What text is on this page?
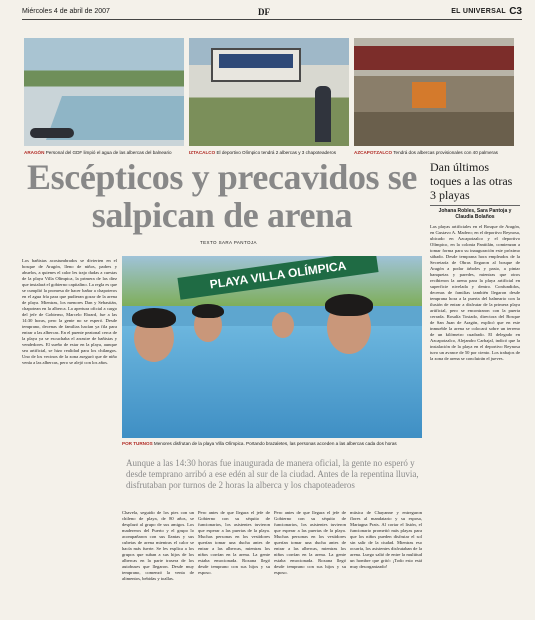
Miércoles 4 de abril de 2007	DF	EL UNIVERSAL C3
ARAGÓN Personal del GDF limpió el agua de las albercas del balneario	IZTACALCO El deportivo Olímpico tendrá 2 albercas y 3 chapoteaderos	AZCAPOTZALCO Tendrá dos albercas provisionales con 40 palmeras
Escépticos y precavidos se salpican de arena
TEXTO SARA PANTOJA
Dan últimos toques a las otras 3 playas
Johana Robles, Sara Pantoja y Claudia Bolaños
Las playas artificiales en el Bosque de Aragón, en Gustavo A. Madero; en el deportivo Reynosa, ubicado en Azcapotzalco y el deportivo Olímpico, en la colonia Pantitlán, comienzan a tomar forma para su inauguración este próximo sábado. Desde temprana hora empleados de la Secretaría de Obras llegaron al bosque de Aragón a podar árboles y pasto, a pintar banquetas y paredes, mientras que otros recibieron la arena para la playa artificial en superficie nivelada y dentro. Confundidos, decenas de familias también llegaron desde temprana hora a la puerta del balneario con la ilusión de entrar a disfrutar de la primera playa artificial, pero se encontraron con la puerta cerrada. Rosalía Tostado, directora del Bosque de San Juan de Aragón, explicó que en este inmueble la arena se colocará sobre un terreno de un kilómetro cuadrado. El delegado en Azcapotzalco, Alejandro Carbajal, indicó que la instalación de la playa en el deportivo Reynosa tuvo un avance de 50 por ciento. Los trabajos de la zona de arena se concluirán el jueves.
Los bañistas acostumbrados se divierten en el bosque de Aragón, lleno de niños, padres y abuelos, a quienes el calor les trajo dudas a cuestas de la playa Villa Olímpica, la primera de las diez que instalará el gobierno capitalino. La regla es que se cumplió la promesa de hacer bañar a chapoteros en el agua fría para que pudieran gozar de la arena de playa. Mientras, los menores Dan y Sebastián, chapotean en la alberca. La apertura oficial a cargo del jefe de Gobierno, Marcelo Ebrard, fue a las 14:30 horas, pero la gente no se esperó. Desde temprano, decenas de familias hacían ya fila para entrar a las albercas. En el puente peatonal cerca de la playa ya se escuchaba el arrastre de bañistas y vendedores. El sueño de estar en la playa, aunque sea artificial, se hizo realidad para los chilangos. Uno de los vecinos de la zona aseguró que de niño venía a las albercas, pero se alejó con los años.
PLAYA VILLA OLÍMPICA
POR TURNOS Menores disfrutan de la playa Villa Olímpica. Portando brazaletes, las personas acceden a las albercas cada dos horas
Aunque a las 14:30 horas fue inaugurada de manera oficial, la gente no esperó y desde temprano arribó a ese edén al sur de la ciudad. Antes de la repentina lluvia, disfrutaban por turnos de 2 horas la alberca y los chapoteaderos
Chavela, seguido de los pies con un chileno de playa, de 80 años, se desplazó al grupo de sus amigos. Los madereros del Puerto y el grupo lo acompañaron con sus llantas y sus cubetas de arena mientras el calor se hacía más fuerte. Se les explica a los grupos que suban a sus hijos de los albercas en la parte trasera de los autobuses que llegaron. Desde muy temprano, comenzó la venta de alimentos, bebidas y toallas.
Pero antes de que llegara el jefe de Gobierno con su séquito de funcionarios, los asistentes tuvieron que esperar a las puertas de la playa. Muchas personas en los vestidores querían tomar una ducha antes de entrar a las albercas, mientras los niños corrían en la arena. La gente estaba emocionada. Roxana llegó desde temprano con sus hijos y su esposo.
Pero antes de que llegara el jefe de Gobierno con su séquito de funcionarios, los asistentes tuvieron que esperar a las puertas de la playa. Muchas personas en los vestidores querían tomar una ducha antes de entrar a las albercas, mientras los niños corrían en la arena. La gente estaba emocionada. Roxana llegó desde temprano con sus hijos y su esposo.
música de Chayanne y entregaron flores al mandatario y su esposa, Mariagna Prats. Al cortar el listón, el funcionario prometió más playas para que los niños pueden disfrutar el sol sin salir de la ciudad. Mientras eso ocurría, los asistentes disfrutaban de la arena. Luego salió de entre la multitud un hombre que gritó: ¡Todo esto está muy desorganizado!
